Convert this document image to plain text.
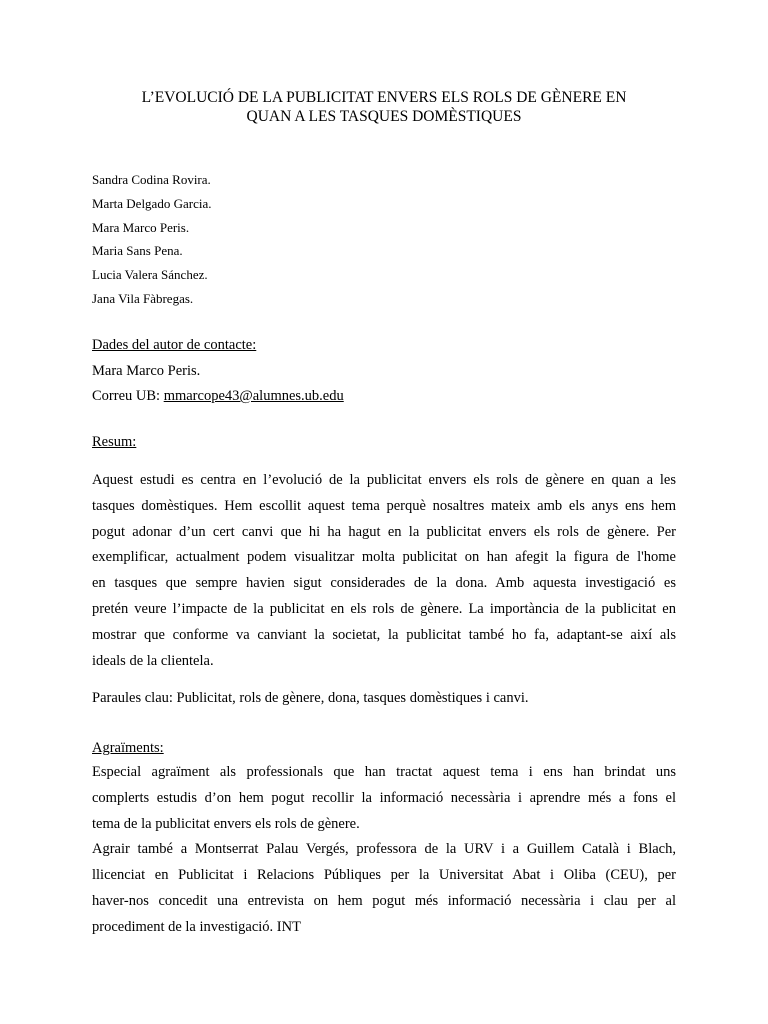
L’EVOLUCIÓ DE LA PUBLICITAT ENVERS ELS ROLS DE GÈNERE EN
QUAN A LES TASQUES DOMÈSTIQUES
Sandra Codina Rovira.
Marta Delgado Garcia.
Mara Marco Peris.
Maria Sans Pena.
Lucia Valera Sánchez.
Jana Vila Fàbregas.
Dades del autor de contacte:
Mara Marco Peris.
Correu UB: mmarcope43@alumnes.ub.edu
Resum:
Aquest estudi es centra en l’evolució de la publicitat envers els rols de gènere en quan a les
tasques domèstiques. Hem escollit aquest tema perquè nosaltres mateix amb els anys ens hem
pogut adonar d’un cert canvi que hi ha hagut en la publicitat envers els rols de gènere. Per
exemplificar, actualment podem visualitzar molta publicitat on han afegit la figura de l'home
en tasques que sempre havien sigut considerades de la dona. Amb aquesta investigació es
pretén veure l’impacte de la publicitat en els rols de gènere. La importància de la publicitat en
mostrar que conforme va canviant la societat, la publicitat també ho fa, adaptant-se així als
ideals de la clientela.
Paraules clau: Publicitat, rols de gènere, dona, tasques domèstiques i canvi.
Agraïments:
Especial agraïment als professionals que han tractat aquest tema i ens han brindat uns
complerts estudis d’on hem pogut recollir la informació necessària i aprendre més a fons el
tema de la publicitat envers els rols de gènere.
Agrair també a Montserrat Palau Vergés, professora de la URV i a Guillem Català i Blach,
llicenciat en Publicitat i Relacions Públiques per la Universitat Abat i Oliba (CEU), per
haver-nos concedit una entrevista on hem pogut més informació necessària i clau per al
procediment de la investigació. INT
